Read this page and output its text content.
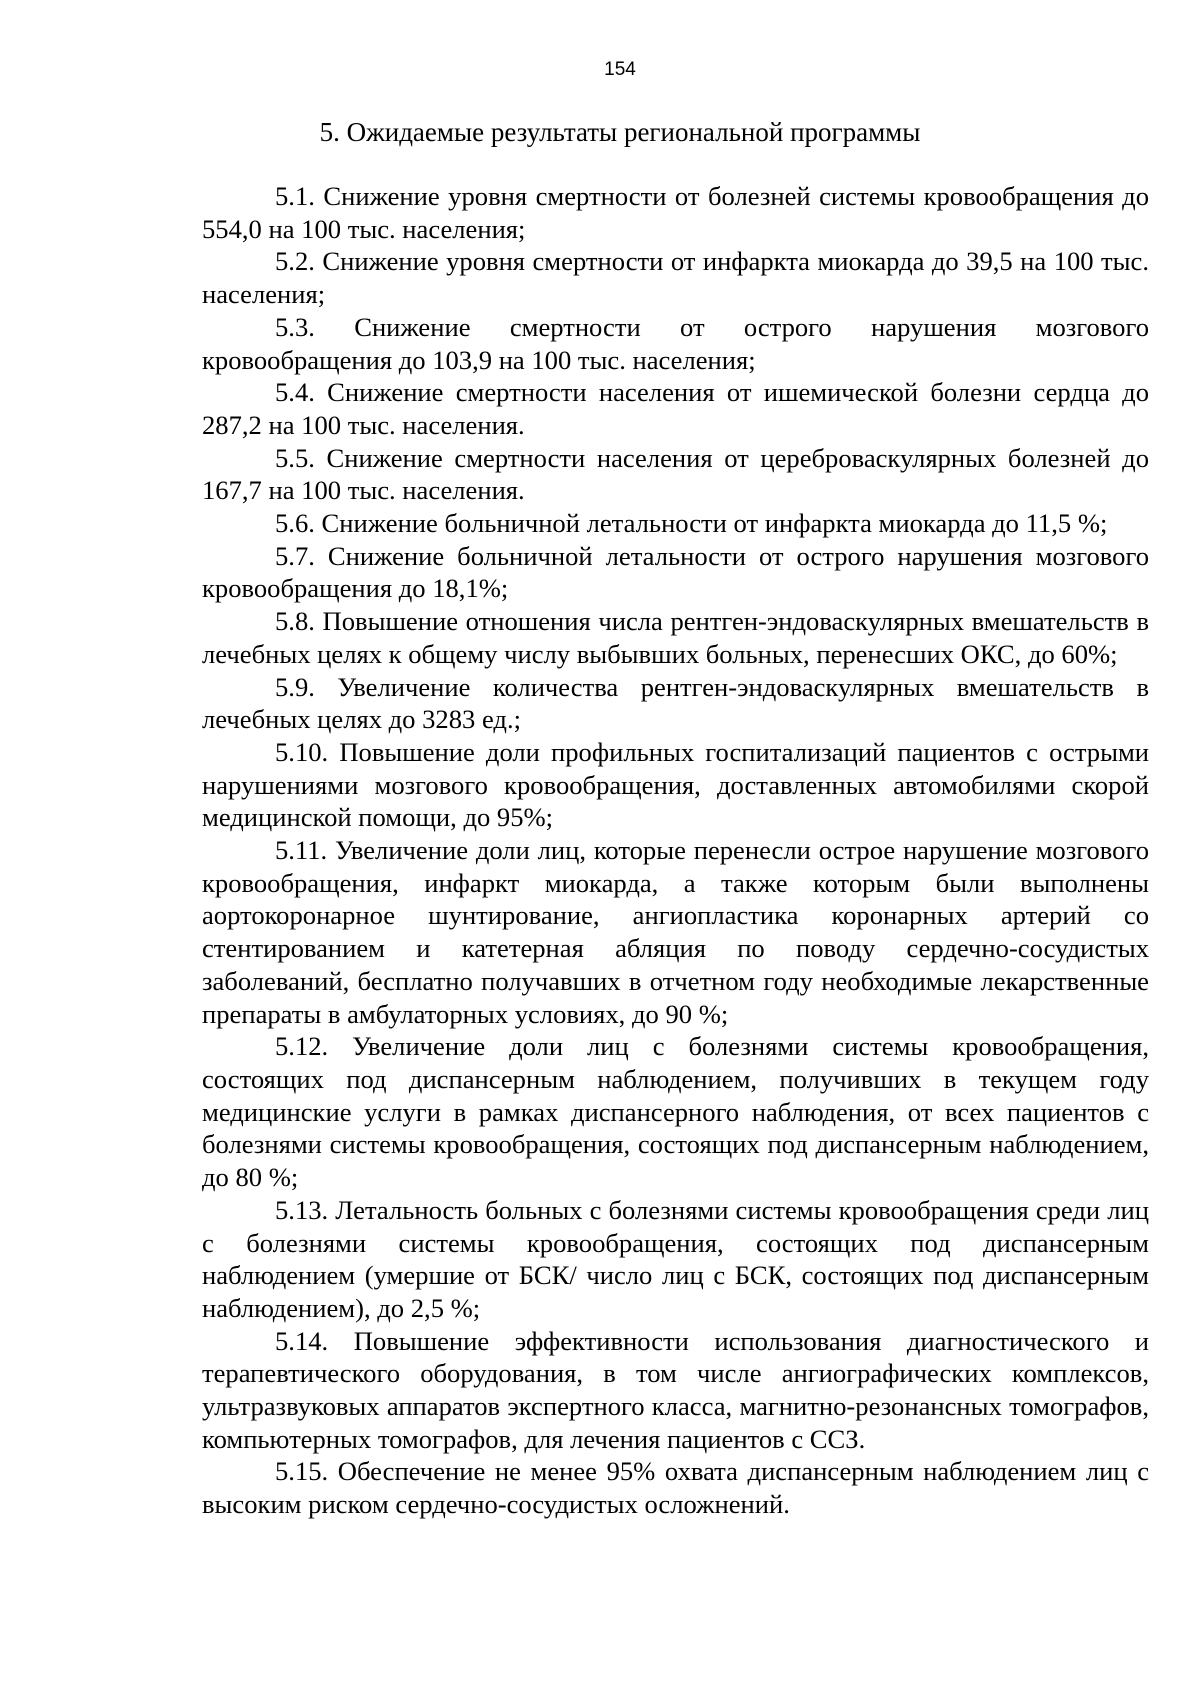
154
5. Ожидаемые результаты региональной программы

5.1. Снижение уровня смертности от болезней системы кровообращения до 554,0 на 100 тыс. населения;

5.2. Снижение уровня смертности от инфаркта миокарда до 39,5 на 100 тыс. населения;

5.3. Снижение смертности от острого нарушения мозгового кровообращения до 103,9 на 100 тыс. населения;

5.4. Снижение смертности населения от ишемической болезни сердца до 287,2 на 100 тыс. населения.

5.5. Снижение смертности населения от цереброваскулярных болезней до 167,7 на 100 тыс. населения.

5.6. Снижение больничной летальности от инфаркта миокарда до 11,5 %;

5.7. Снижение больничной летальности от острого нарушения мозгового кровообращения до 18,1%;

5.8. Повышение отношения числа рентген-эндоваскулярных вмешательств в лечебных целях к общему числу выбывших больных, перенесших ОКС, до 60%;

5.9. Увеличение количества рентген-эндоваскулярных вмешательств в лечебных целях до 3283 ед.;

5.10. Повышение доли профильных госпитализаций пациентов с острыми нарушениями мозгового кровообращения, доставленных автомобилями скорой медицинской помощи, до 95%;

5.11. Увеличение доли лиц, которые перенесли острое нарушение мозгового кровообращения, инфаркт миокарда, а также которым были выполнены аортокоронарное шунтирование, ангиопластика коронарных артерий со стентированием и катетерная абляция по поводу сердечно-сосудистых заболеваний, бесплатно получавших в отчетном году необходимые лекарственные препараты в амбулаторных условиях, до 90 %;

5.12. Увеличение доли лиц с болезнями системы кровообращения, состоящих под диспансерным наблюдением, получивших в текущем году медицинские услуги в рамках диспансерного наблюдения, от всех пациентов с болезнями системы кровообращения, состоящих под диспансерным наблюдением, до 80 %;

5.13. Летальность больных с болезнями системы кровообращения среди лиц с болезнями системы кровообращения, состоящих под диспансерным наблюдением (умершие от БСК/ число лиц с БСК, состоящих под диспансерным наблюдением), до 2,5 %;

5.14. Повышение эффективности использования диагностического и терапевтического оборудования, в том числе ангиографических комплексов, ультразвуковых аппаратов экспертного класса, магнитно-резонансных томографов, компьютерных томографов, для лечения пациентов с ССЗ.

5.15. Обеспечение не менее 95% охвата диспансерным наблюдением лиц с высоким риском сердечно-сосудистых осложнений.
